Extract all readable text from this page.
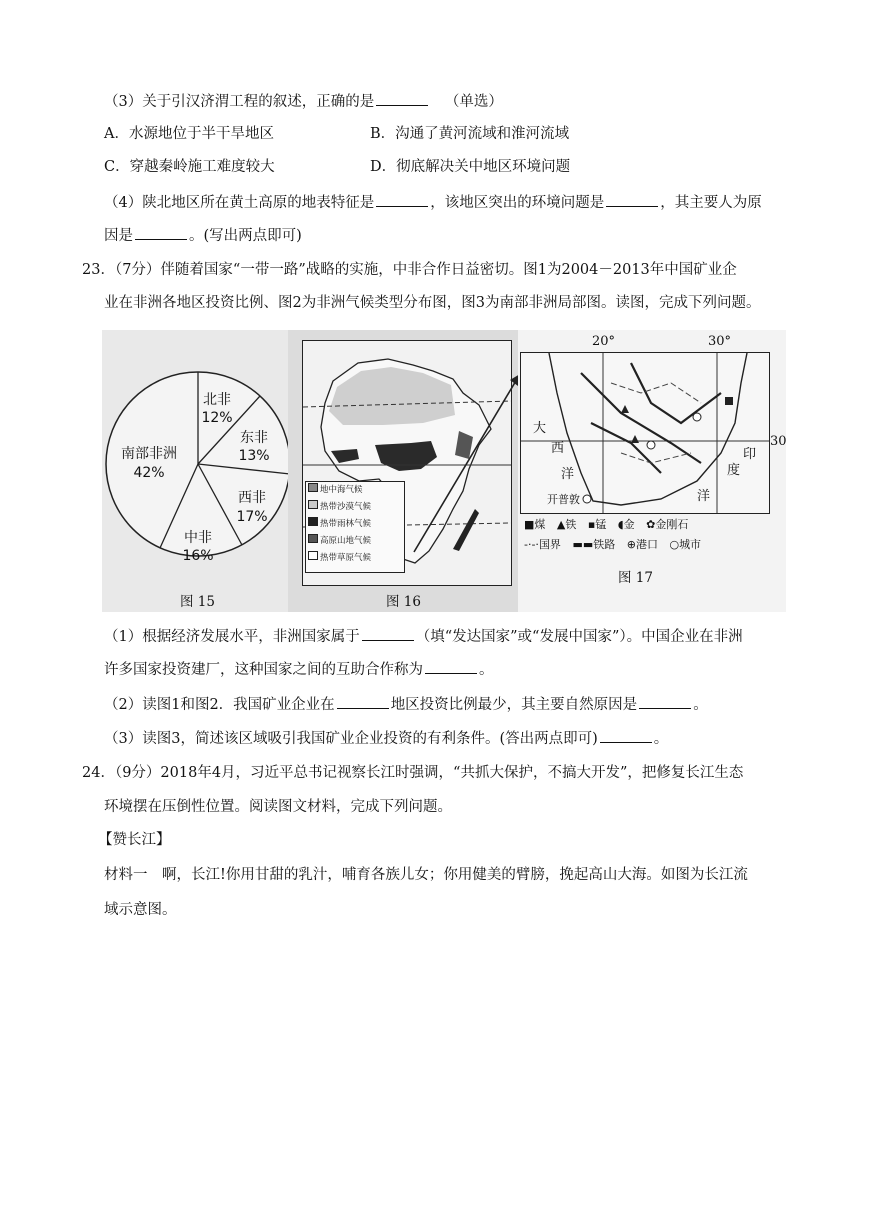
（3）关于引汉济渭工程的叙述，正确的是	（单选）
A．水源地位于半干旱地区	B．沟通了黄河流域和淮河流域
C．穿越秦岭施工难度较大	D．彻底解决关中地区环境问题
（4）陕北地区所在黄土高原的地表特征是	，该地区突出的环境问题是	，其主要人为原
因是	。(写出两点即可)
23．（7分）伴随着国家“一带一路”战略的实施，中非合作日益密切。图1为2004－2013年中国矿业企
业在非洲各地区投资比例、图2为非洲气候类型分布图，图3为南部非洲局部图。读图，完成下列问题。
北非
12%
东非
13%
西非
17%
中非
16%
南部非洲
42%
图 15
地中海气候
热带沙漠气候
热带雨林气候
高原山地气候
热带草原气候
图 16
大
西
洋
印
度
洋
开普敦
20°	30°
30
■煤 ▲铁 ▪锰 ◖金 ✿金刚石
-·-·国界 ▬▬铁路 ⊕港口 ○城市
图 17
（1）根据经济发展水平，非洲国家属于	（填“发达国家”或“发展中国家”）。中国企业在非洲
许多国家投资建厂，这种国家之间的互助合作称为	。
（2）读图1和图2．我国矿业企业在	地区投资比例最少，其主要自然原因是	。
（3）读图3，简述该区域吸引我国矿业企业投资的有利条件。(答出两点即可)	。
24．（9分）2018年4月，习近平总书记视察长江时强调，“共抓大保护，不搞大开发”，把修复长江生态
环境摆在压倒性位置。阅读图文材料，完成下列问题。
【赞长江】
材料一　啊，长江!你用甘甜的乳汁，哺育各族儿女；你用健美的臂膀，挽起高山大海。如图为长江流
域示意图。
